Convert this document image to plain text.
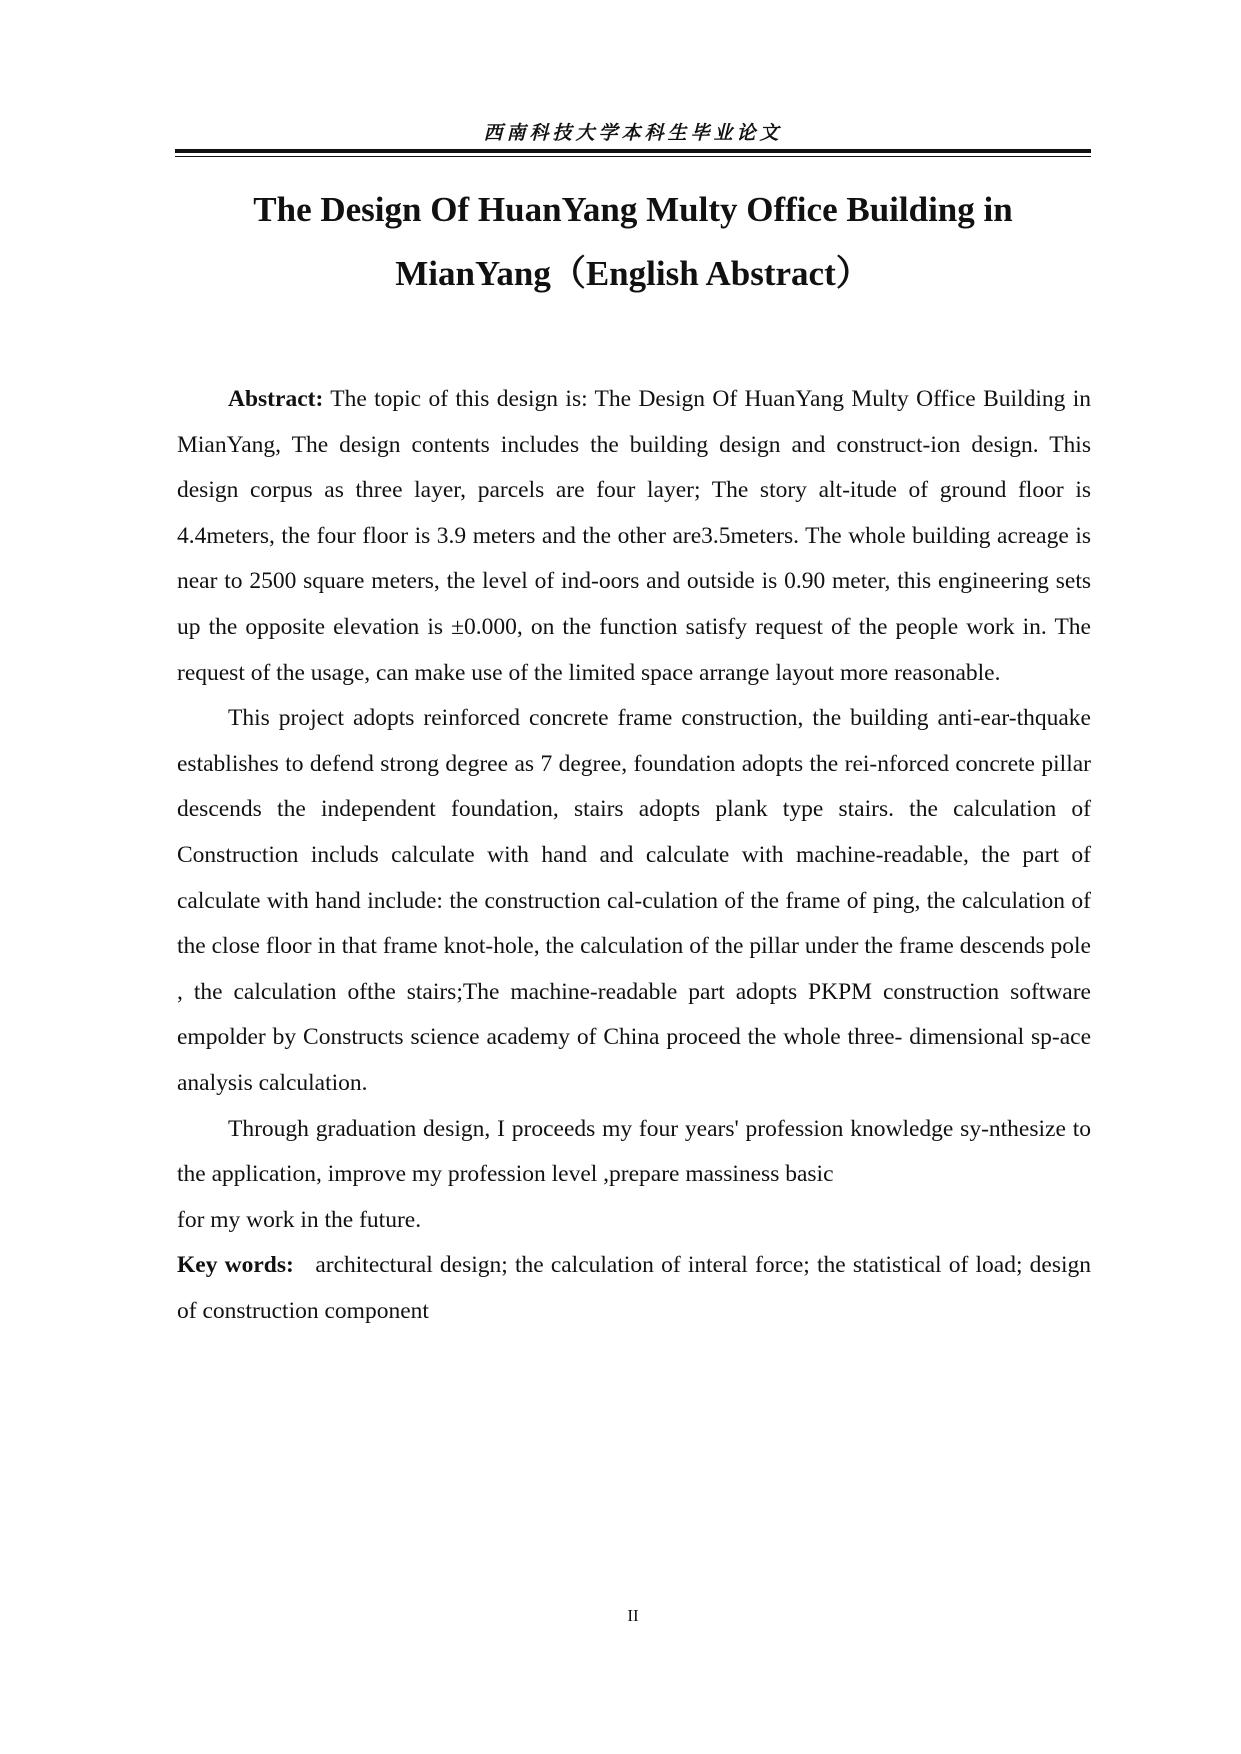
西南科技大学本科生毕业论文
The Design Of HuanYang Multy Office Building in
MianYang（English Abstract）

Abstract: The topic of this design is: The Design Of HuanYang Multy Office Building in MianYang, The design contents includes the building design and construct-ion design. This design corpus as three layer, parcels are four layer; The story alt-itude of ground floor is 4.4meters, the four floor is 3.9 meters and the other are3.5meters. The whole building acreage is near to 2500 square meters, the level of ind-oors and outside is 0.90 meter, this engineering sets up the opposite elevation is ±0.000, on the function satisfy request of the people work in. The request of the usage, can make use of the limited space arrange layout more reasonable.

This project adopts reinforced concrete frame construction, the building anti-ear-thquake establishes to defend strong degree as 7 degree, foundation adopts the rei-nforced concrete pillar descends the independent foundation, stairs adopts plank type stairs. the calculation of Construction includs calculate with hand and calculate with machine-readable, the part of calculate with hand include: the construction cal-culation of the frame of ping, the calculation of the close floor in that frame knot-hole, the calculation of the pillar under the frame descends pole , the calculation ofthe stairs;The machine-readable part adopts PKPM construction software empolder by Constructs science academy of China proceed the whole three- dimensional sp-ace analysis calculation.

Through graduation design, I proceeds my four years' profession knowledge sy-nthesize to the application, improve my profession level ,prepare massiness basic

for my work in the future.

Key words:   architectural design; the calculation of interal force; the statistical of load; design of construction component

II
